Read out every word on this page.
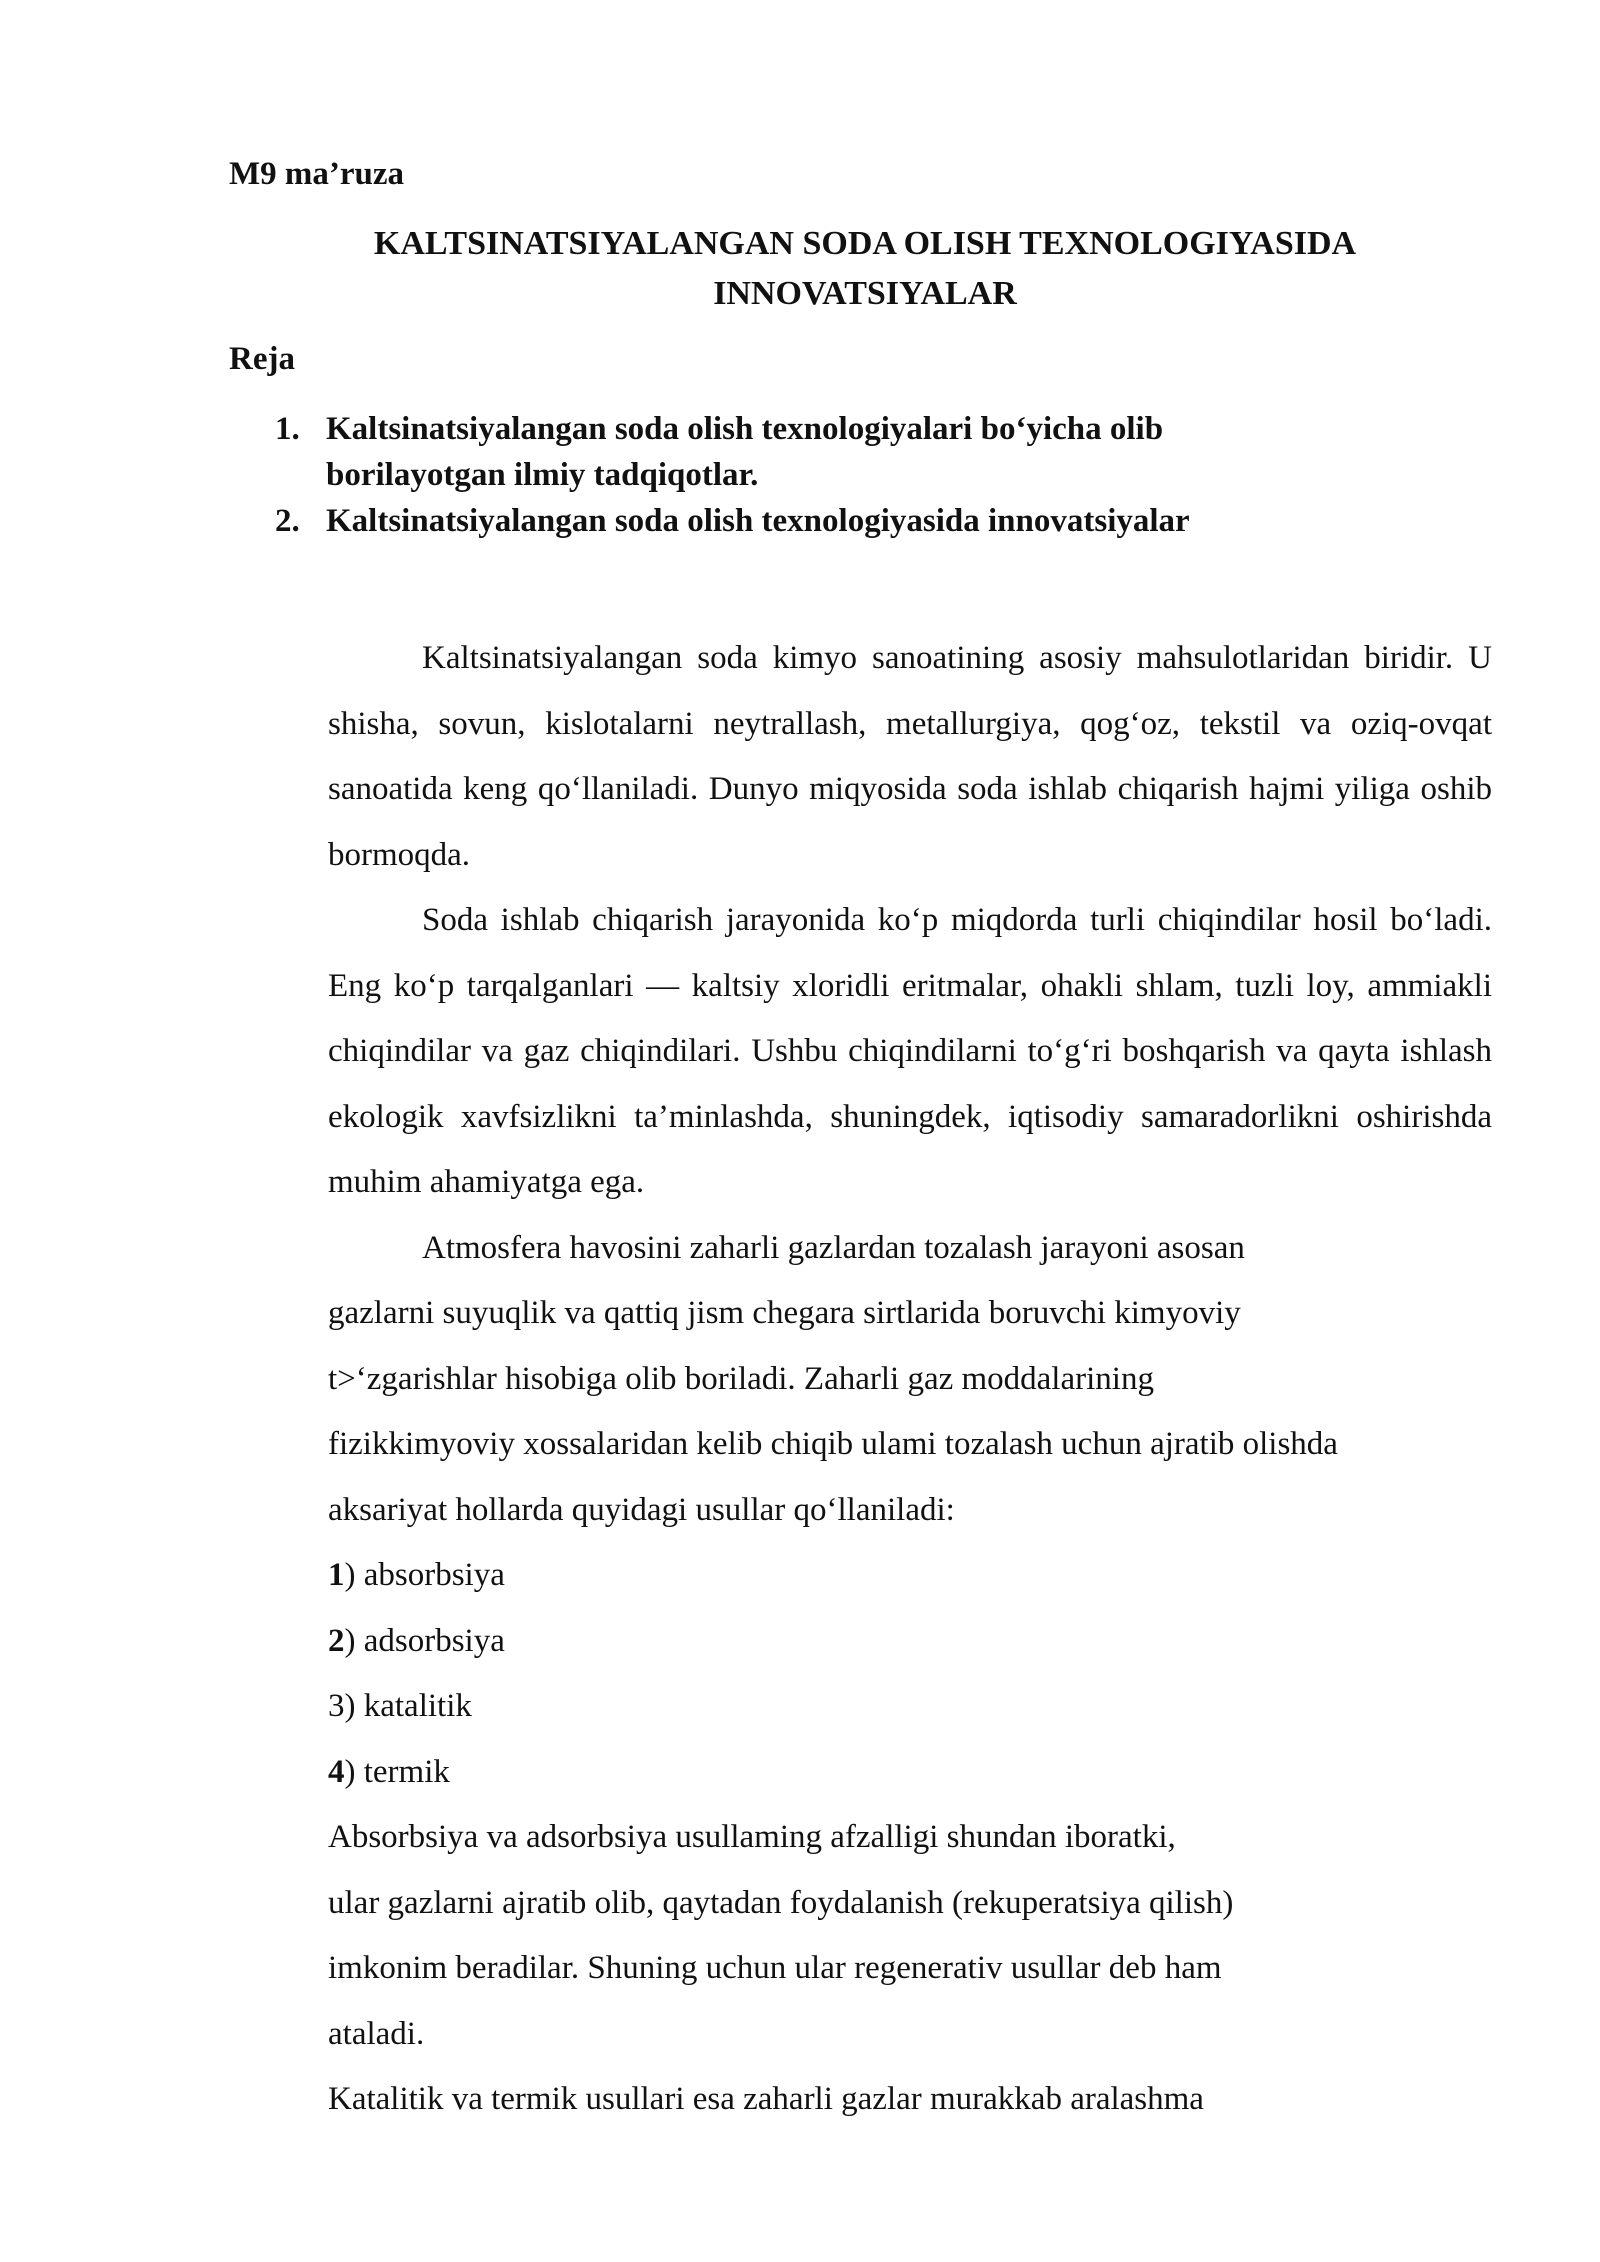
M9 ma’ruza

KALTSINATSIYALANGAN SODA OLISH TEXNOLOGIYASIDA
INNOVATSIYALAR
Reja
1. Kaltsinatsiyalangan soda olish texnologiyalari bo‘yicha olib
borilayotgan ilmiy tadqiqotlar.
2. Kaltsinatsiyalangan soda olish texnologiyasida innovatsiyalar

Kaltsinatsiyalangan soda kimyo sanoatining asosiy mahsulotlaridan biridir. U shisha, sovun, kislotalarni neytrallash, metallurgiya, qog‘oz, tekstil va oziq-ovqat sanoatida keng qo‘llaniladi. Dunyo miqyosida soda ishlab chiqarish hajmi yiliga oshib bormoqda.

Soda ishlab chiqarish jarayonida ko‘p miqdorda turli chiqindilar hosil bo‘ladi. Eng ko‘p tarqalganlari — kaltsiy xloridli eritmalar, ohakli shlam, tuzli loy, ammiakli chiqindilar va gaz chiqindilari. Ushbu chiqindilarni to‘g‘ri boshqarish va qayta ishlash ekologik xavfsizlikni ta’minlashda, shuningdek, iqtisodiy samaradorlikni oshirishda muhim ahamiyatga ega.

Atmosfera havosini zaharli gazlardan tozalash jarayoni asosan

gazlarni suyuqlik va qattiq jism chegara sirtlarida boruvchi kimyoviy

t>‘zgarishlar hisobiga olib boriladi. Zaharli gaz moddalarining

fizikkimyoviy xossalaridan kelib chiqib ulami tozalash uchun ajratib olishda

aksariyat hollarda quyidagi usullar qo‘llaniladi:

1) absorbsiya

2) adsorbsiya

3) katalitik

4) termik

Absorbsiya va adsorbsiya usullaming afzalligi shundan iboratki,

ular gazlarni ajratib olib, qaytadan foydalanish (rekuperatsiya qilish)

imkonim beradilar. Shuning uchun ular regenerativ usullar deb ham

ataladi.

Katalitik va termik usullari esa zaharli gazlar murakkab aralashma
